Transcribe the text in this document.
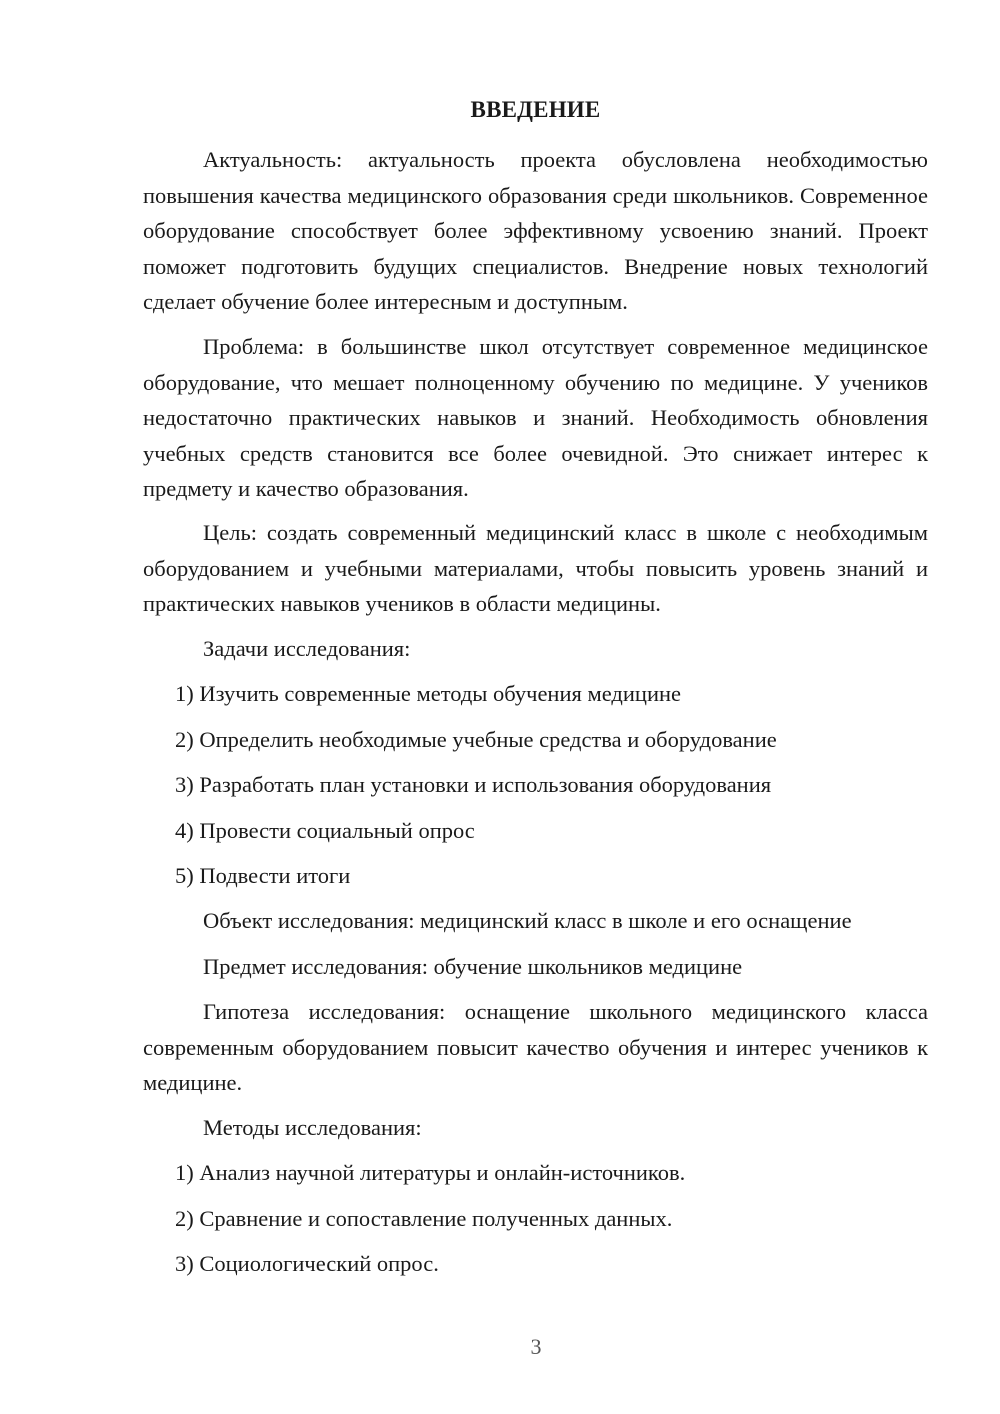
ВВЕДЕНИЕ

Актуальность: актуальность проекта обусловлена необходимостью повышения качества медицинского образования среди школьников. Современное оборудование способствует более эффективному усвоению знаний. Проект поможет подготовить будущих специалистов. Внедрение новых технологий сделает обучение более интересным и доступным.

Проблема: в большинстве школ отсутствует современное медицинское оборудование, что мешает полноценному обучению по медицине. У учеников недостаточно практических навыков и знаний. Необходимость обновления учебных средств становится все более очевидной. Это снижает интерес к предмету и качество образования.

Цель: создать современный медицинский класс в школе с необходимым оборудованием и учебными материалами, чтобы повысить уровень знаний и практических навыков учеников в области медицины.

Задачи исследования:
1) Изучить современные методы обучения медицине
2) Определить необходимые учебные средства и оборудование
3) Разработать план установки и использования оборудования
4) Провести социальный опрос
5) Подвести итоги
Объект исследования: медицинский класс в школе и его оснащение
Предмет исследования: обучение школьников медицине

Гипотеза исследования: оснащение школьного медицинского класса современным оборудованием повысит качество обучения и интерес учеников к медицине.

Методы исследования:
1) Анализ научной литературы и онлайн-источников.
2) Сравнение и сопоставление полученных данных.
3) Социологический опрос.
3
